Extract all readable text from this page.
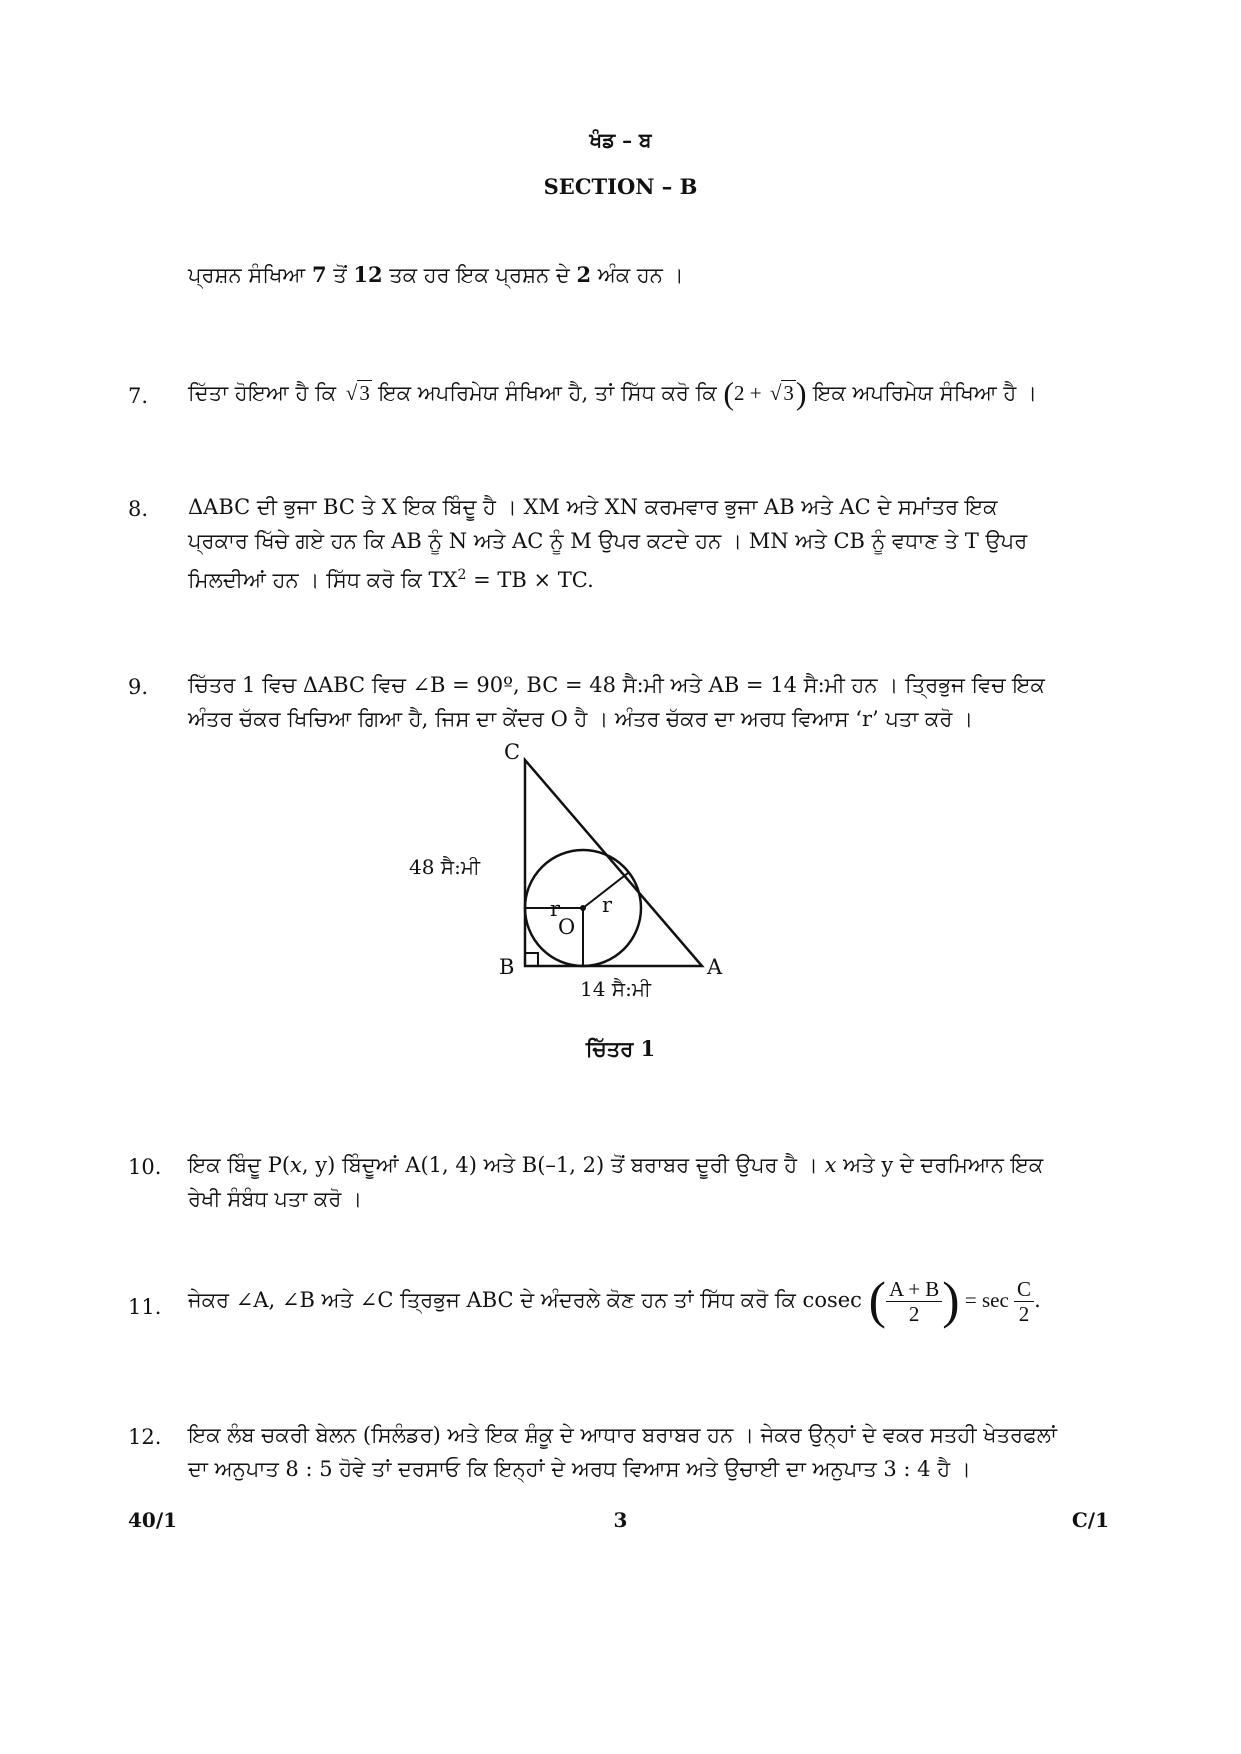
ਖੰਡ – ਬ
SECTION – B
ਪ੍ਰਸ਼ਨ ਸੰਖਿਆ 7 ਤੋਂ 12 ਤਕ ਹਰ ਇਕ ਪ੍ਰਸ਼ਨ ਦੇ 2 ਅੰਕ ਹਨ ।
7. ਦਿੱਤਾ ਹੋਇਆ ਹੈ ਕਿ √3 ਇਕ ਅਪਰਿਮੇਯ ਸੰਖਿਆ ਹੈ, ਤਾਂ ਸਿੱਧ ਕਰੋ ਕਿ (2 + √3) ਇਕ ਅਪਰਿਮੇਯ ਸੰਖਿਆ ਹੈ ।
8. ΔABC ਦੀ ਭੁਜਾ BC ਤੇ X ਇਕ ਬਿੰਦੂ ਹੈ । XM ਅਤੇ XN ਕਰਮਵਾਰ ਭੁਜਾ AB ਅਤੇ AC ਦੇ ਸਮਾਂਤਰ ਇਕ
ਪ੍ਰਕਾਰ ਖਿੱਚੇ ਗਏ ਹਨ ਕਿ AB ਨੂੰ N ਅਤੇ AC ਨੂੰ M ਉਪਰ ਕਟਦੇ ਹਨ । MN ਅਤੇ CB ਨੂੰ ਵਧਾਣ ਤੇ T ਉਪਰ
ਮਿਲਦੀਆਂ ਹਨ । ਸਿੱਧ ਕਰੋ ਕਿ $TX^2$ = TB × TC.
9. ਚਿੱਤਰ 1 ਵਿਚ ΔABC ਵਿਚ ∠B = 90º, BC = 48 ਸੈ:ਮੀ ਅਤੇ AB = 14 ਸੈ:ਮੀ ਹਨ । ਤ੍ਰਿਭੁਜ ਵਿਚ ਇਕ
ਅੰਤਰ ਚੱਕਰ ਖਿਚਿਆ ਗਿਆ ਹੈ, ਜਿਸ ਦਾ ਕੇਂਦਰ O ਹੈ । ਅੰਤਰ ਚੱਕਰ ਦਾ ਅਰਧ ਵਿਆਸ ‘r’ ਪਤਾ ਕਰੋ ।
C
48 ਸੈ:ਮੀ
r r
O
B	A
14 ਸੈ:ਮੀ
ਚਿੱਤਰ 1
10. ਇਕ ਬਿੰਦੂ P(x, y) ਬਿੰਦੂਆਂ A(1, 4) ਅਤੇ B(–1, 2) ਤੋਂ ਬਰਾਬਰ ਦੂਰੀ ਉਪਰ ਹੈ । x ਅਤੇ y ਦੇ ਦਰਮਿਆਨ ਇਕ
ਰੇਖੀ ਸੰਬੰਧ ਪਤਾ ਕਰੋ ।
11. ਜੇਕਰ ∠A, ∠B ਅਤੇ ∠C ਤ੍ਰਿਭੁਜ ABC ਦੇ ਅੰਦਰਲੇ ਕੋਣ ਹਨ ਤਾਂ ਸਿੱਧ ਕਰੋ ਕਿ cosec ( $\frac{A + B}{2}$ ) = $\sec \frac{C}{2}$ .
12. ਇਕ ਲੰਬ ਚਕਰੀ ਬੇਲਨ (ਸਿਲੰਡਰ) ਅਤੇ ਇਕ ਸ਼ੰਕੂ ਦੇ ਆਧਾਰ ਬਰਾਬਰ ਹਨ । ਜੇਕਰ ਉਨ੍ਹਾਂ ਦੇ ਵਕਰ ਸਤਹੀ ਖੇਤਰਫਲਾਂ
ਦਾ ਅਨੁਪਾਤ 8 : 5 ਹੋਵੇ ਤਾਂ ਦਰਸਾਓ ਕਿ ਇਨ੍ਹਾਂ ਦੇ ਅਰਧ ਵਿਆਸ ਅਤੇ ਉਚਾਈ ਦਾ ਅਨੁਪਾਤ 3 : 4 ਹੈ ।
40/1	3	C/1
